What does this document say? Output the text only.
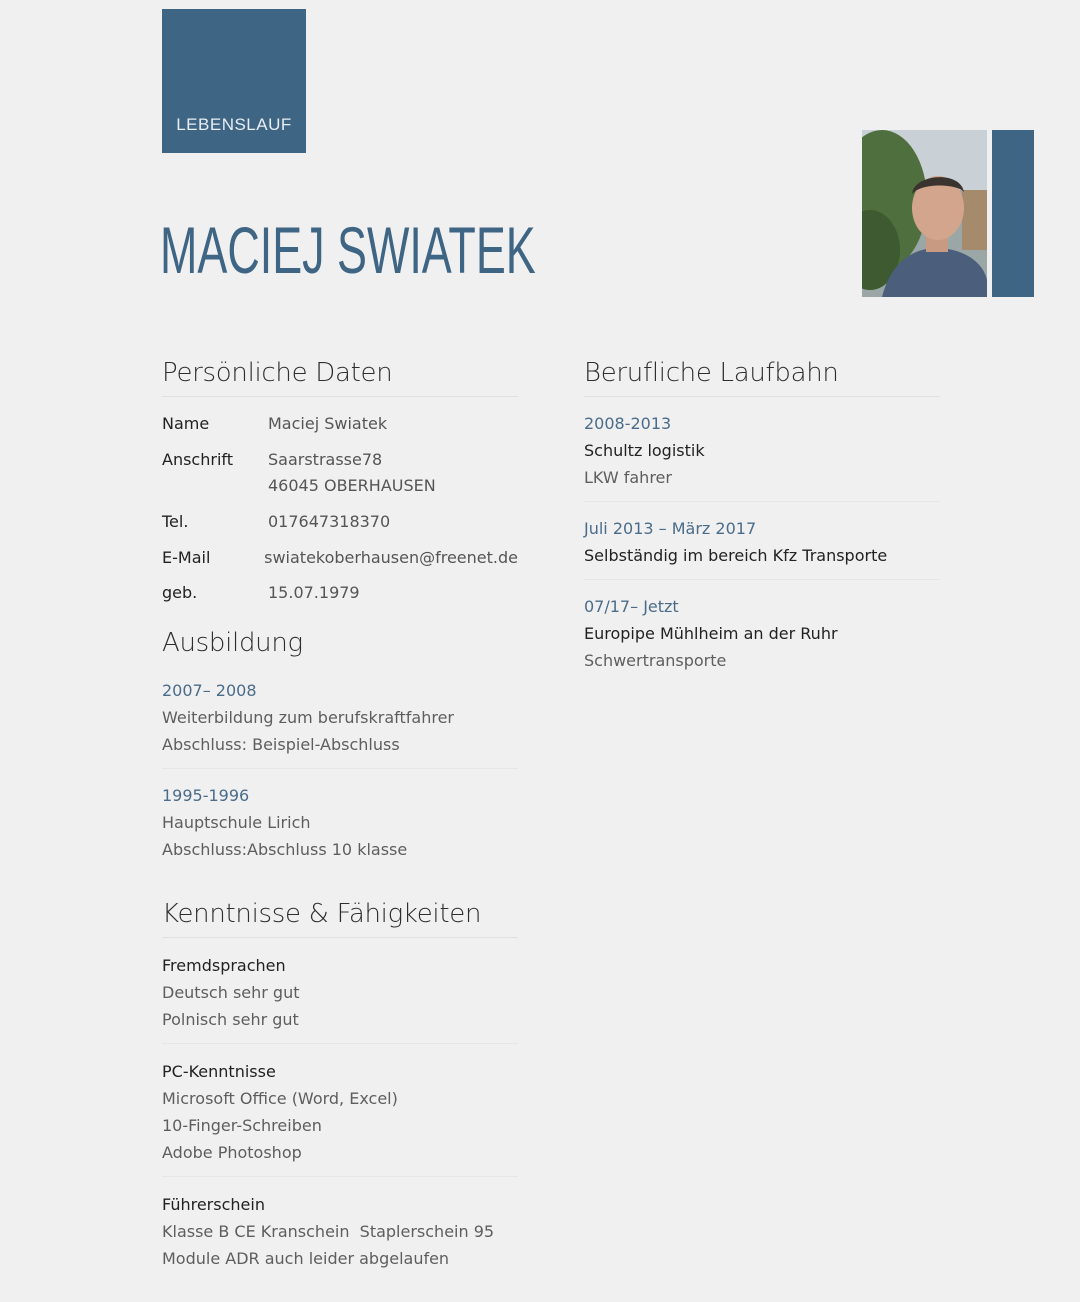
LEBENSLAUF
MACIEJ SWIATEK
Persönliche Daten
Name	Maciej Swiatek
Anschrift	Saarstrasse78
46045 OBERHAUSEN
Tel.	017647318370
E-Mail	swiatekoberhausen@freenet.de
geb.	15.07.1979
Ausbildung
2007– 2008
Weiterbildung zum berufskraftfahrer
Abschluss: Beispiel-Abschluss
1995-1996
Hauptschule Lirich
Abschluss:Abschluss 10 klasse
Kenntnisse & Fähigkeiten
Fremdsprachen
Deutsch sehr gut
Polnisch sehr gut
PC-Kenntnisse
Microsoft Office (Word, Excel)
10-Finger-Schreiben
Adobe Photoshop
Führerschein
Klasse B CE Kranschein  Staplerschein 95
Module ADR auch leider abgelaufen
Berufliche Laufbahn
2008-2013
Schultz logistik
LKW fahrer
Juli 2013 – März 2017
Selbständig im bereich Kfz Transporte
07/17– Jetzt
Europipe Mühlheim an der Ruhr
Schwertransporte
